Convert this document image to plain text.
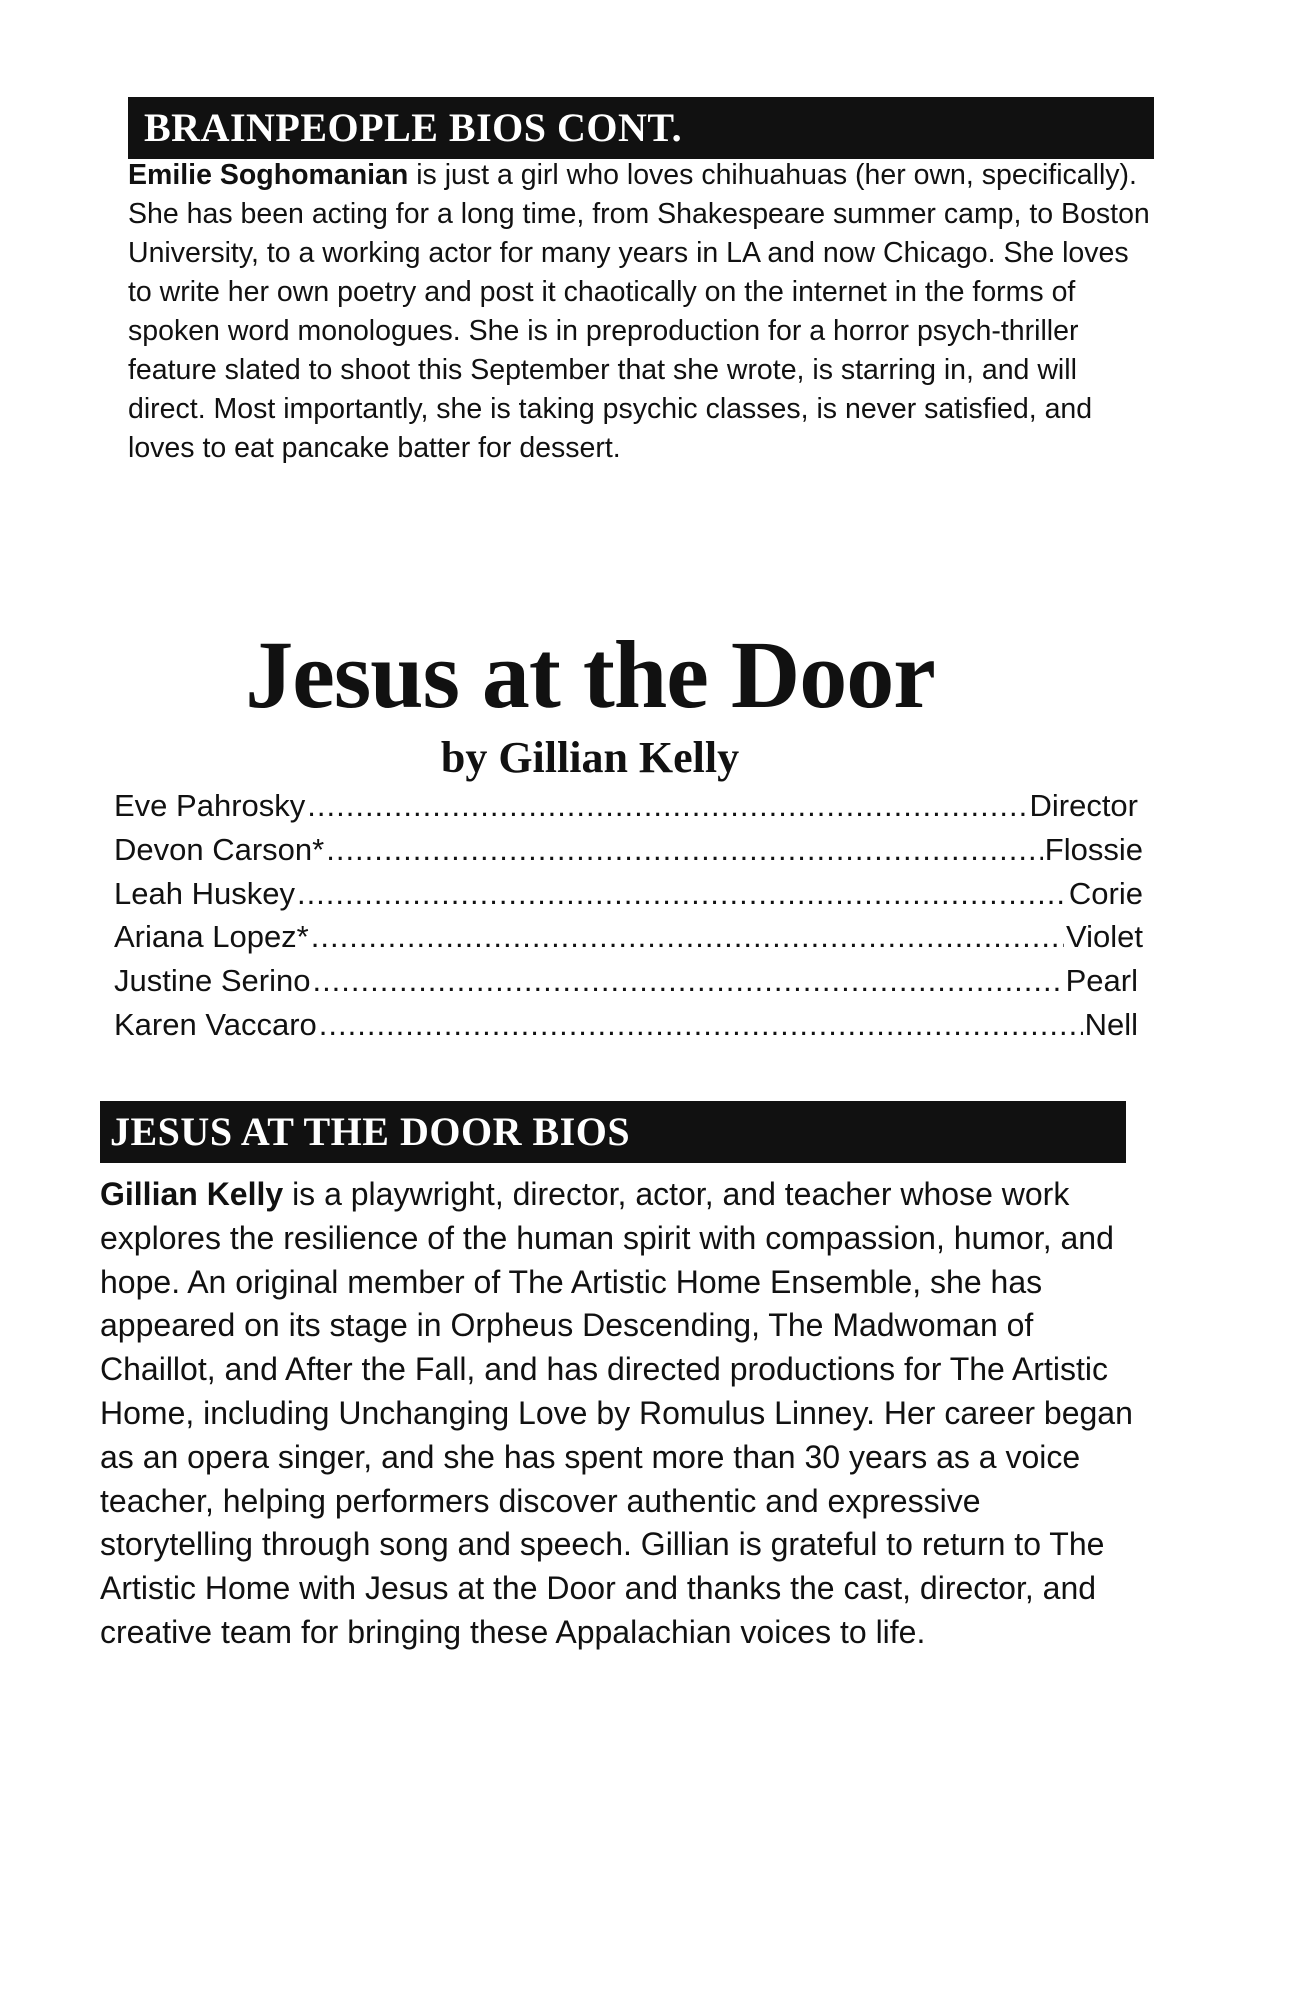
BRAINPEOPLE BIOS CONT.

Emilie Soghomanian is just a girl who loves chihuahuas (her own, specifically). She has been acting for a long time, from Shakespeare summer camp, to Boston University, to a working actor for many years in LA and now Chicago. She loves to write her own poetry and post it chaotically on the internet in the forms of spoken word monologues. She is in preproduction for a horror psych-thriller feature slated to shoot this September that she wrote, is starring in, and will direct. Most importantly, she is taking psychic classes, is never satisfied, and loves to eat pancake batter for dessert.

Jesus at the Door
by Gillian Kelly
Eve Pahrosky .....	Director
Devon Carson* .....	Flossie
Leah Huskey .....	Corie
Ariana Lopez* .....	Violet
Justine Serino .....	Pearl
Karen Vaccaro .....	Nell
JESUS AT THE DOOR BIOS

Gillian Kelly is a playwright, director, actor, and teacher whose work explores the resilience of the human spirit with compassion, humor, and hope. An original member of The Artistic Home Ensemble, she has appeared on its stage in Orpheus Descending, The Madwoman of Chaillot, and After the Fall, and has directed productions for The Artistic Home, including Unchanging Love by Romulus Linney. Her career began as an opera singer, and she has spent more than 30 years as a voice teacher, helping performers discover authentic and expressive storytelling through song and speech. Gillian is grateful to return to The Artistic Home with Jesus at the Door and thanks the cast, director, and creative team for bringing these Appalachian voices to life.
